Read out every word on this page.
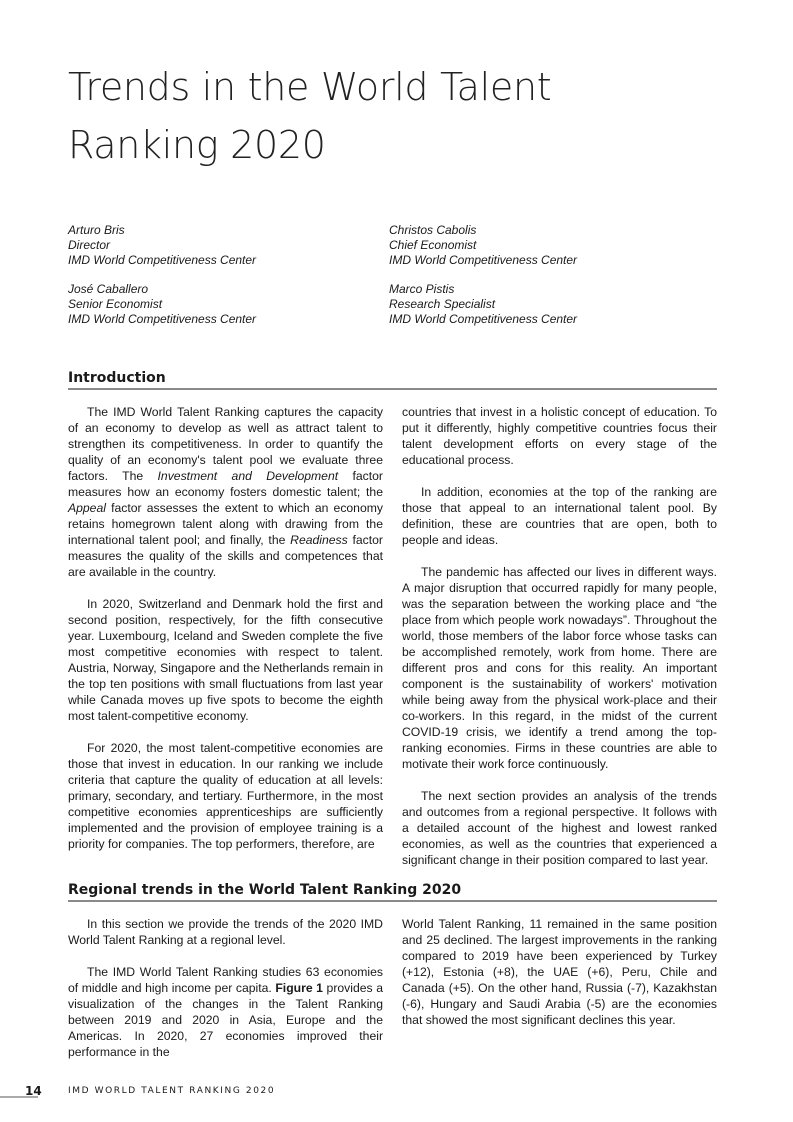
Trends in the World Talent
Ranking 2020
Arturo Bris
Director
IMD World Competitiveness Center
José Caballero
Senior Economist
IMD World Competitiveness Center
Christos Cabolis
Chief Economist
IMD World Competitiveness Center
Marco Pistis
Research Specialist
IMD World Competitiveness Center
Introduction

The IMD World Talent Ranking captures the capacity of an economy to develop as well as attract talent to strengthen its competitiveness. In order to quantify the quality of an economy's talent pool we evaluate three factors. The Investment and Development factor measures how an economy fosters domestic talent; the Appeal factor assesses the extent to which an economy retains homegrown talent along with drawing from the international talent pool; and finally, the Readiness factor measures the quality of the skills and competences that are available in the country.

In 2020, Switzerland and Denmark hold the first and second position, respectively, for the fifth consecutive year. Luxembourg, Iceland and Sweden complete the five most competitive economies with respect to talent. Austria, Norway, Singapore and the Netherlands remain in the top ten positions with small fluctuations from last year while Canada moves up five spots to become the eighth most talent-competitive economy.

For 2020, the most talent-competitive economies are those that invest in education. In our ranking we include criteria that capture the quality of education at all levels: primary, secondary, and tertiary. Furthermore, in the most competitive economies apprenticeships are sufficiently implemented and the provision of employee training is a priority for companies. The top performers, therefore, are

countries that invest in a holistic concept of education. To put it differently, highly competitive countries focus their talent development efforts on every stage of the educational process.

In addition, economies at the top of the ranking are those that appeal to an international talent pool. By definition, these are countries that are open, both to people and ideas.

The pandemic has affected our lives in different ways. A major disruption that occurred rapidly for many people, was the separation between the working place and “the place from which people work nowadays”. Throughout the world, those members of the labor force whose tasks can be accomplished remotely, work from home. There are different pros and cons for this reality. An important component is the sustainability of workers' motivation while being away from the physical work-place and their co-workers. In this regard, in the midst of the current COVID-19 crisis, we identify a trend among the top-ranking economies. Firms in these countries are able to motivate their work force continuously.

The next section provides an analysis of the trends and outcomes from a regional perspective. It follows with a detailed account of the highest and lowest ranked economies, as well as the countries that experienced a significant change in their position compared to last year.

Regional trends in the World Talent Ranking 2020

In this section we provide the trends of the 2020 IMD World Talent Ranking at a regional level.

The IMD World Talent Ranking studies 63 economies of middle and high income per capita. Figure 1 provides a visualization of the changes in the Talent Ranking between 2019 and 2020 in Asia, Europe and the Americas. In 2020, 27 economies improved their performance in the

World Talent Ranking, 11 remained in the same position and 25 declined. The largest improvements in the ranking compared to 2019 have been experienced by Turkey (+12), Estonia (+8), the UAE (+6), Peru, Chile and Canada (+5). On the other hand, Russia (-7), Kazakhstan (-6), Hungary and Saudi Arabia (-5) are the economies that showed the most significant declines this year.

14	IMD WORLD TALENT RANKING 2020
